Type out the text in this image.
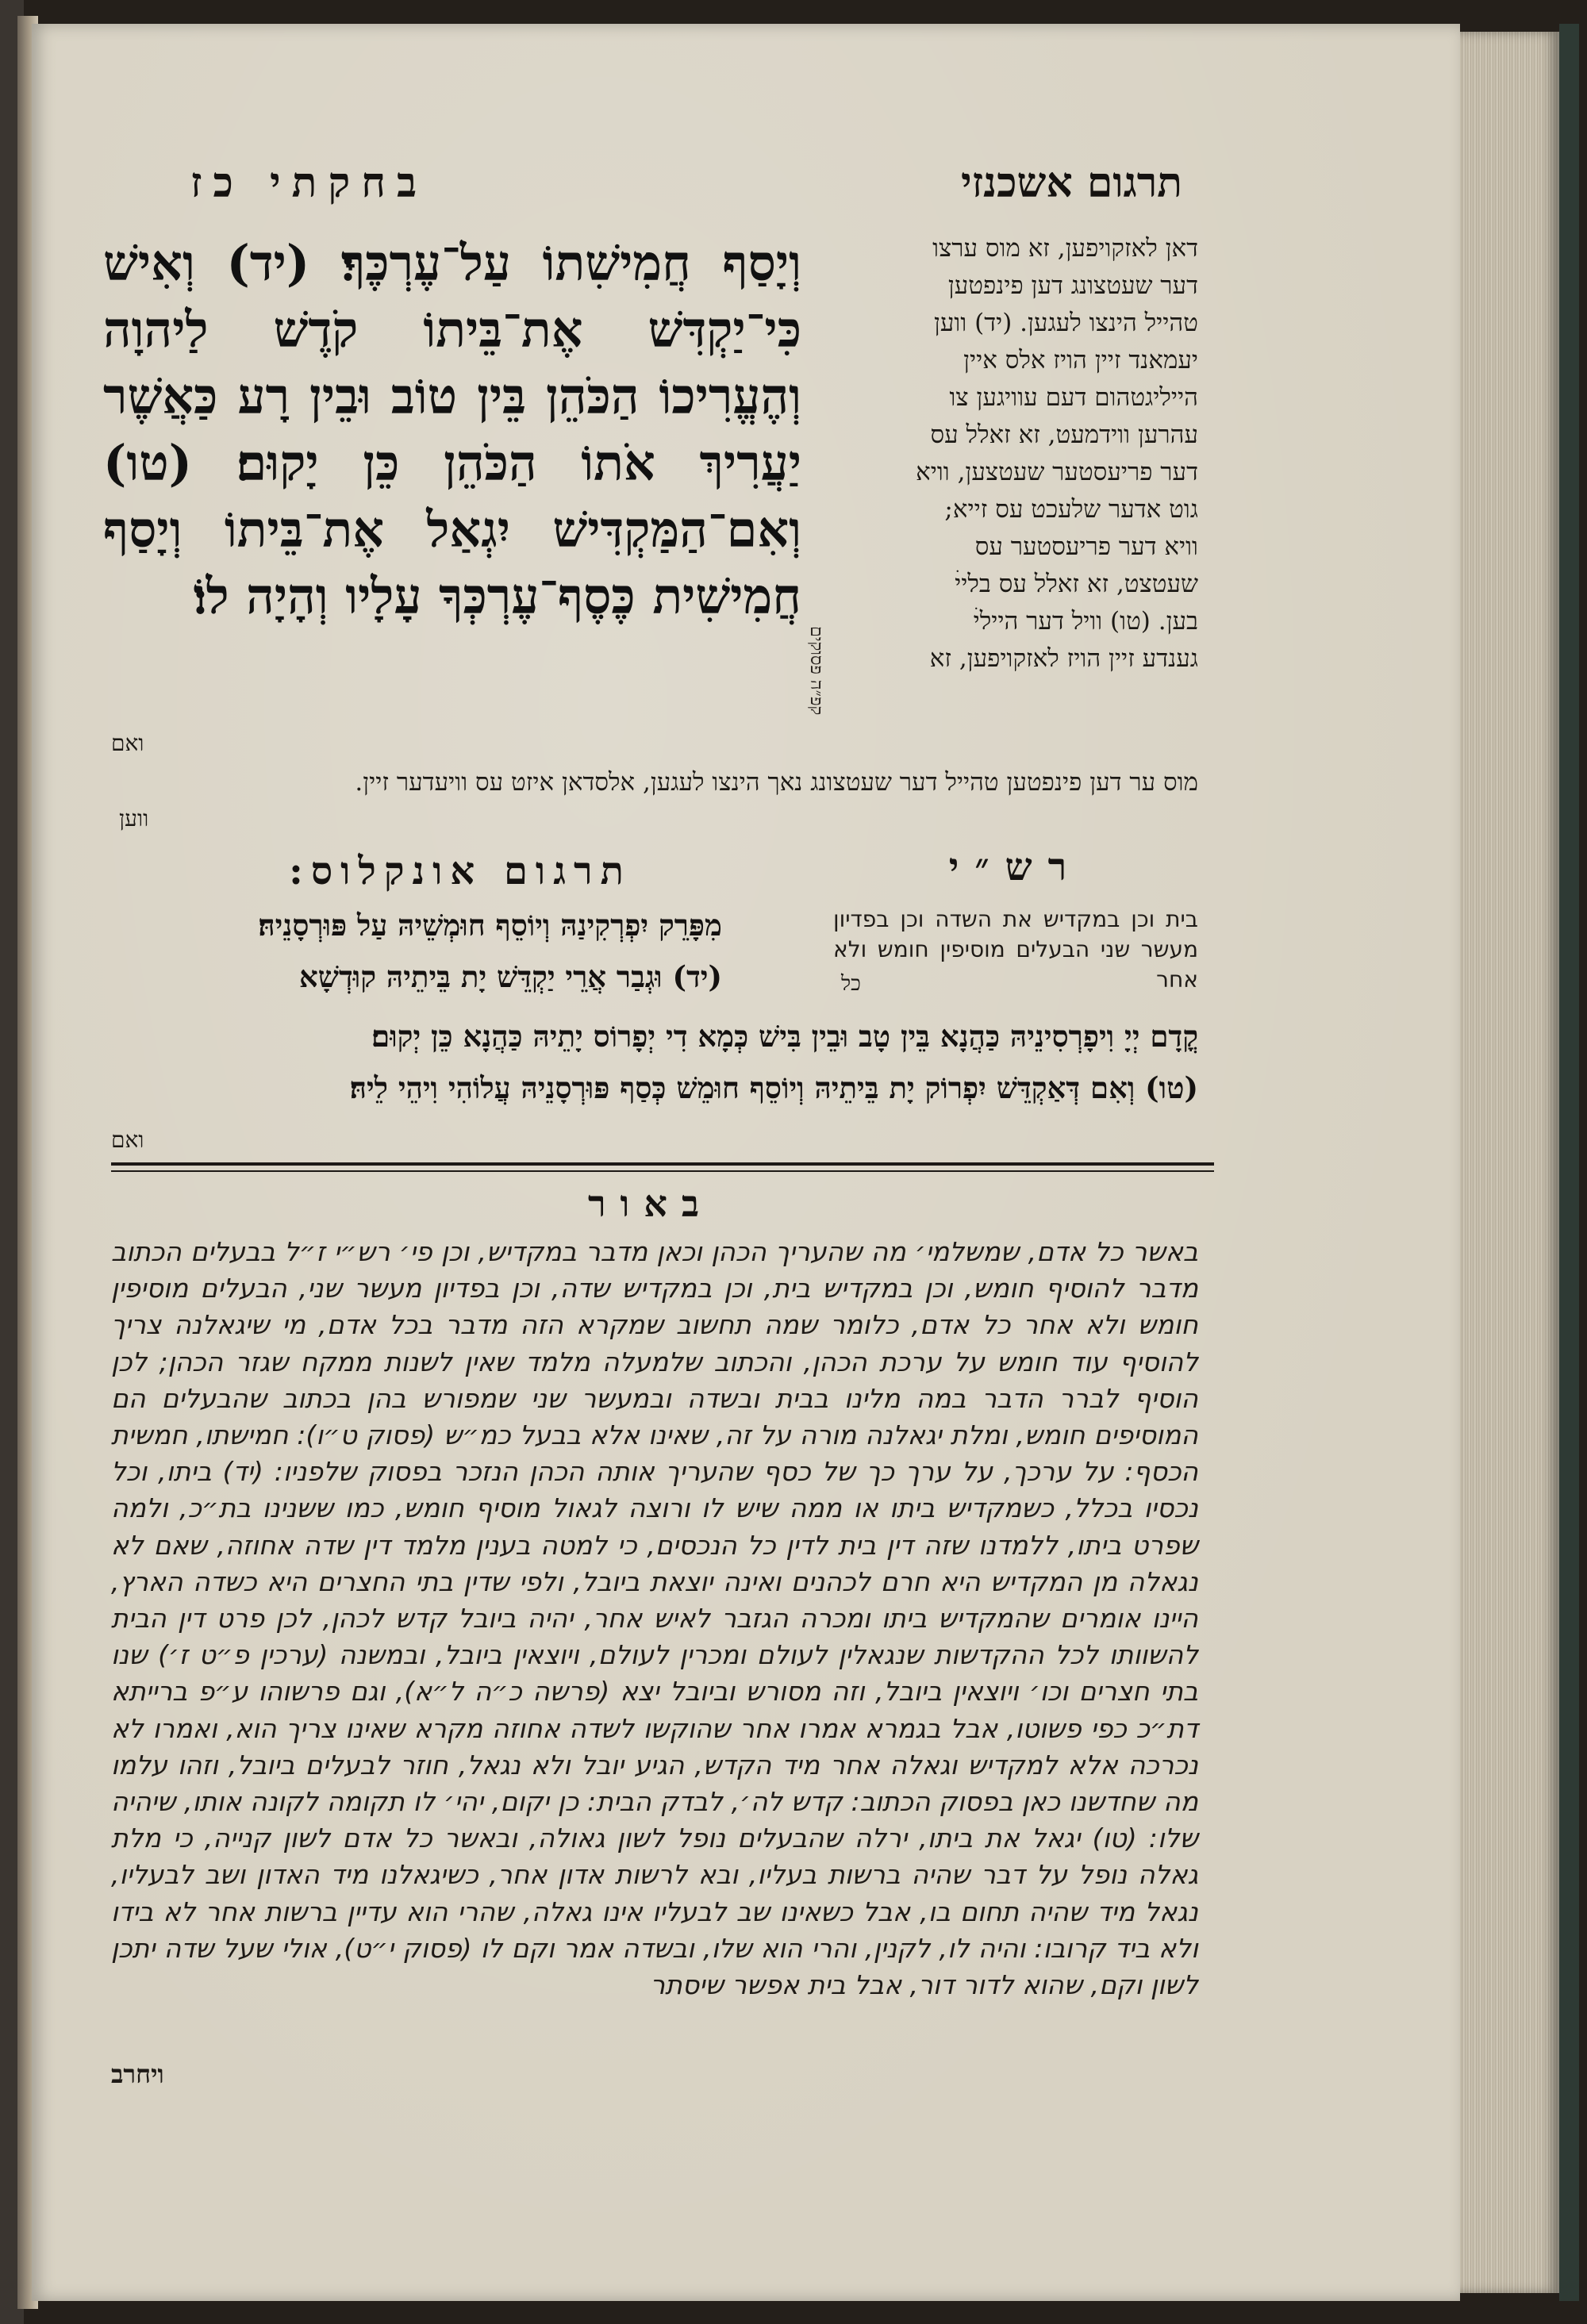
תרגום אשכנזי
בחקתי כז
וְיָסַף חֲמִישִׁתוֹ עַל־עֶרְכֶּךָ׃ (יד) וְאִישׁ כִּי־יַקְדִּשׁ אֶת־בֵּיתוֹ קֹדֶשׁ לַיהוָה וְהֶעֱרִיכוֹ הַכֹּהֵן בֵּין טוֹב וּבֵין רָע כַּאֲשֶׁר יַעֲרִיךְ אֹתוֹ הַכֹּהֵן כֵּן יָקוּם׃ (טו) וְאִם־הַמַּקְדִּישׁ יִגְאַל אֶת־בֵּיתוֹ וְיָסַף חֲמִישִׁית כֶּסֶף־עֶרְכְּךָ עָלָיו וְהָיָה לוֹ׃
ואם
קפ״ה פסוקים
דאן לאזקויפען, זא מוס ערצו
דער שעטצונג דען פינפטען
טהייל הינצו לעגען. (יד) ווען
יעמאנד זיין הויז אלס איין
הייליגטהום דעם עוויגען צו
עהרען ווידמעט, זא זאלל עס
דער פריעסטער שעטצען, וויא
גוט אדער שלעכט עס זייא;
וויא דער פריעסטער עס
שעטצט, זא זאלל עס בלייׄ
בען. (טו) וויל דער הייליׄ
גענדע זיין הויז לאזקויפען, זא
מוס ער דען פינפטען טהייל דער שעטצונג נאך הינצו לעגען, אלסדאן איזט עס וויעדער זיין.
ווען
רש״י
תרגום אונקלוס:
בית וכן במקדיש את השדה וכן בפדיון מעשר שני הבעלים מוסיפין חומש ולא אחר
כל
מִפָּרֵק יִפְרְקִינַהּ וְיוֹסֵף חוּמְשֵׁיהּ עַל פּוּרְסָנֵיהּ׃
(יד) וּגְבַר אֲרֵי יַקְדֵּשׁ יָת בֵּיתֵיהּ קוּדְשָׁא
קֳדָם יְיָ וִיפָרְסִינֵיהּ כַּהֲנָא בֵּין טָב וּבֵין בִּישׁ כְּמָא דִי יְפָרוֹס יָתֵיהּ כַּהֲנָא כֵּן יְקוּם׃
(טו) וְאִם דְּאַקְדֵּשׁ יִפְרוֹק יָת בֵּיתֵיהּ וְיוֹסֵף חוּמֵשׁ כְּסַף פּוּרְסָנֵיהּ עֲלוֹהִי וִיהֵי לֵיהּ׃
ואם
באור
באשר כל אדם, שמשלמי׳ מה שהעריך הכהן וכאן מדבר במקדיש, וכן פי׳ רש״י ז״ל בבעלים הכתוב מדבר להוסיף חומש, וכן במקדיש בית, וכן במקדיש שדה, וכן בפדיון מעשר שני, הבעלים מוסיפין חומש ולא אחר כל אדם, כלומר שמה תחשוב שמקרא הזה מדבר בכל אדם, מי שיגאלנה צריך להוסיף עוד חומש על ערכת הכהן, והכתוב שלמעלה מלמד שאין לשנות ממקח שגזר הכהן; לכן הוסיף לברר הדבר במה מלינו בבית ובשדה ובמעשר שני שמפורש בהן בכתוב שהבעלים הם המוסיפים חומש, ומלת יגאלנה מורה על זה, שאינו אלא בבעל כמ״ש (פסוק ט״ו): חמישתו, חמשית הכסף: על ערכך, על ערך כך של כסף שהעריך אותה הכהן הנזכר בפסוק שלפניו: (יד) ביתו, וכל נכסיו בכלל, כשמקדיש ביתו או ממה שיש לו ורוצה לגאול מוסיף חומש, כמו ששנינו בת״כ, ולמה שפרט ביתו, ללמדנו שזה דין בית לדין כל הנכסים, כי למטה בענין מלמד דין שדה אחוזה, שאם לא נגאלה מן המקדיש היא חרם לכהנים ואינה יוצאת ביובל, ולפי שדין בתי החצרים היא כשדה הארץ, היינו אומרים שהמקדיש ביתו ומכרה הגזבר לאיש אחר, יהיה ביובל קדש לכהן, לכן פרט דין הבית להשוותו לכל ההקדשות שנגאלין לעולם ומכרין לעולם, ויוצאין ביובל, ובמשנה (ערכין פ״ט ז׳) שנו בתי חצרים וכו׳ ויוצאין ביובל, וזה מסורש וביובל יצא (פרשה כ״ה ל״א), וגם פרשוהו ע״פ ברייתא דת״כ כפי פשוטו, אבל בגמרא אמרו אחר שהוקשו לשדה אחוזה מקרא שאינו צריך הוא, ואמרו לא נכרכה אלא למקדיש וגאלה אחר מיד הקדש, הגיע יובל ולא נגאל, חוזר לבעלים ביובל, וזהו עלמו מה שחדשנו כאן בפסוק הכתוב: קדש לה׳, לבדק הבית: כן יקום, יהי׳ לו תקומה לקונה אותו, שיהיה שלו: (טו) יגאל את ביתו, ירלה שהבעלים נופל לשון גאולה, ובאשר כל אדם לשון קנייה, כי מלת גאלה נופל על דבר שהיה ברשות בעליו, ובא לרשות אדון אחר, כשיגאלנו מיד האדון ושב לבעליו, נגאל מיד שהיה תחום בו, אבל כשאינו שב לבעליו אינו גאלה, שהרי הוא עדיין ברשות אחר לא בידו ולא ביד קרובו: והיה לו, לקנין, והרי הוא שלו, ובשדה אמר וקם לו (פסוק י״ט), אולי שעל שדה יתכן לשון וקם, שהוא לדור דור, אבל בית אפשר שיסתר
ויחרב
